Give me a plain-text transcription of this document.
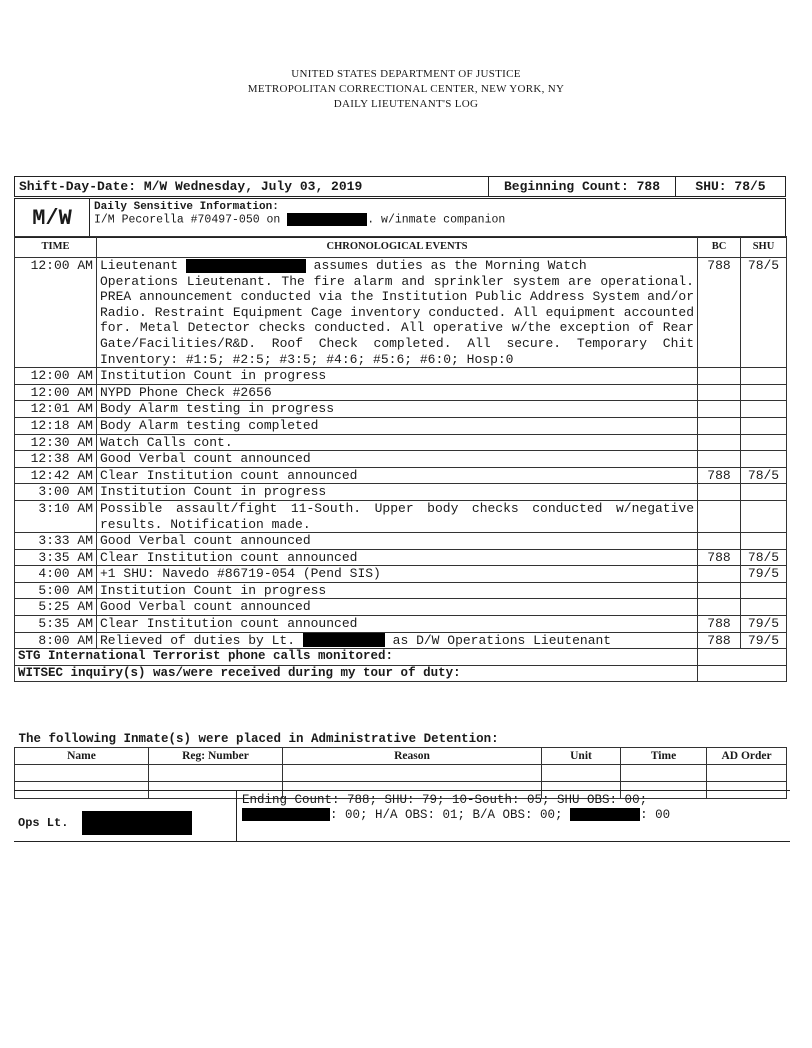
UNITED STATES DEPARTMENT OF JUSTICE
METROPOLITAN CORRECTIONAL CENTER, NEW YORK, NY
DAILY LIEUTENANT'S LOG
Shift-Day-Date: M/W Wednesday, July 03, 2019	Beginning Count: 788	SHU: 78/5
M/W	Daily Sensitive Information:
I/M Pecorella #70497-050 on	. w/inmate companion
TIME	CHRONOLOGICAL EVENTS	BC	SHU
12:00 AM	Lieutenant assumes duties as the Morning Watch
Operations Lieutenant. The fire alarm and sprinkler system are operational. PREA announcement conducted via the Institution Public Address System and/or Radio. Restraint Equipment Cage inventory conducted. All equipment accounted for. Metal Detector checks conducted. All operative w/the exception of Rear Gate/Facilities/R&D. Roof Check completed. All secure. Temporary Chit Inventory: #1:5; #2:5; #3:5; #4:6; #5:6; #6:0; Hosp:0	788	78/5
12:00 AM	Institution Count in progress		
12:00 AM	NYPD Phone Check #2656		
12:01 AM	Body Alarm testing in progress		
12:18 AM	Body Alarm testing completed		
12:30 AM	Watch Calls cont.		
12:38 AM	Good Verbal count announced		
12:42 AM	Clear Institution count announced	788	78/5
3:00 AM	Institution Count in progress		
3:10 AM	Possible assault/fight 11-South. Upper body checks conducted w/negative results. Notification made.		
3:33 AM	Good Verbal count announced		
3:35 AM	Clear Institution count announced	788	78/5
4:00 AM	+1 SHU: Navedo #86719-054 (Pend SIS)		79/5
5:00 AM	Institution Count in progress		
5:25 AM	Good Verbal count announced		
5:35 AM	Clear Institution count announced	788	79/5
8:00 AM	Relieved of duties by Lt. as D/W Operations Lieutenant	788	79/5
STG International Terrorist phone calls monitored:			
WITSEC inquiry(s) was/were received during my tour of duty:			
The following Inmate(s) were placed in Administrative Detention:					
Name	Reg: Number	Reason	Unit	Time	AD Order

Ops Lt.
Ending Count: 788; SHU: 79; 10-South: 05; SHU OBS: 00;
: 00; H/A OBS: 01; B/A OBS: 00;	: 00
